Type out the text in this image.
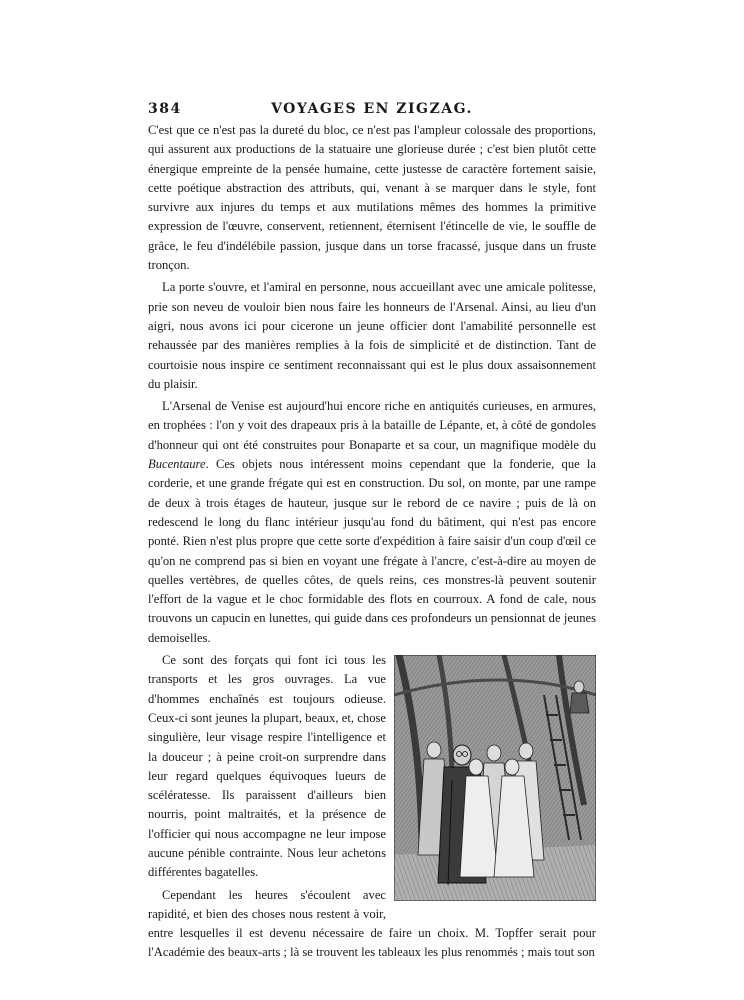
384	VOYAGES EN ZIGZAG.

C'est que ce n'est pas la dureté du bloc, ce n'est pas l'ampleur colossale des proportions, qui assurent aux productions de la statuaire une glorieuse durée ; c'est bien plutôt cette énergique empreinte de la pensée humaine, cette justesse de caractère fortement saisie, cette poétique abstraction des attributs, qui, venant à se marquer dans le style, font survivre aux injures du temps et aux mutilations mêmes des hommes la primitive expression de l'œuvre, conservent, retiennent, éternisent l'étincelle de vie, le souffle de grâce, le feu d'indélébile passion, jusque dans un torse fracassé, jusque dans un fruste tronçon.

La porte s'ouvre, et l'amiral en personne, nous accueillant avec une amicale politesse, prie son neveu de vouloir bien nous faire les honneurs de l'Arsenal. Ainsi, au lieu d'un aigri, nous avons ici pour cicerone un jeune officier dont l'amabilité personnelle est rehaussée par des manières remplies à la fois de simplicité et de distinction. Tant de courtoisie nous inspire ce sentiment reconnaissant qui est le plus doux assaisonnement du plaisir.

L'Arsenal de Venise est aujourd'hui encore riche en antiquités curieuses, en armures, en trophées : l'on y voit des drapeaux pris à la bataille de Lépante, et, à côté de gondoles d'honneur qui ont été construites pour Bonaparte et sa cour, un magnifique modèle du Bucentaure. Ces objets nous intéressent moins cependant que la fonderie, que la corderie, et une grande frégate qui est en construction. Du sol, on monte, par une rampe de deux à trois étages de hauteur, jusque sur le rebord de ce navire ; puis de là on redescend le long du flanc intérieur jusqu'au fond du bâtiment, qui n'est pas encore ponté. Rien n'est plus propre que cette sorte d'expédition à faire saisir d'un coup d'œil ce qu'on ne comprend pas si bien en voyant une frégate à l'ancre, c'est-à-dire au moyen de quelles vertèbres, de quelles côtes, de quels reins, ces monstres-là peuvent soutenir l'effort de la vague et le choc formidable des flots en courroux. A fond de cale, nous trouvons un capucin en lunettes, qui guide dans ces profondeurs un pensionnat de jeunes demoiselles.

Ce sont des forçats qui font ici tous les transports et les gros ouvrages. La vue d'hommes enchaînés est toujours odieuse. Ceux-ci sont jeunes la plupart, beaux, et, chose singulière, leur visage respire l'intelligence et la douceur ; à peine croit-on surprendre dans leur regard quelques équivoques lueurs de scélératesse. Ils paraissent d'ailleurs bien nourris, point maltraités, et la présence de l'officier qui nous accompagne ne leur impose aucune pénible contrainte. Nous leur achetons différentes bagatelles.

Cependant les heures s'écoulent avec rapidité, et bien des choses nous restent à voir, entre lesquelles il est devenu nécessaire de faire un choix. M. Topffer serait pour l'Académie des beaux-arts ; là se trouvent les tableaux les plus renommés ; mais tout son
